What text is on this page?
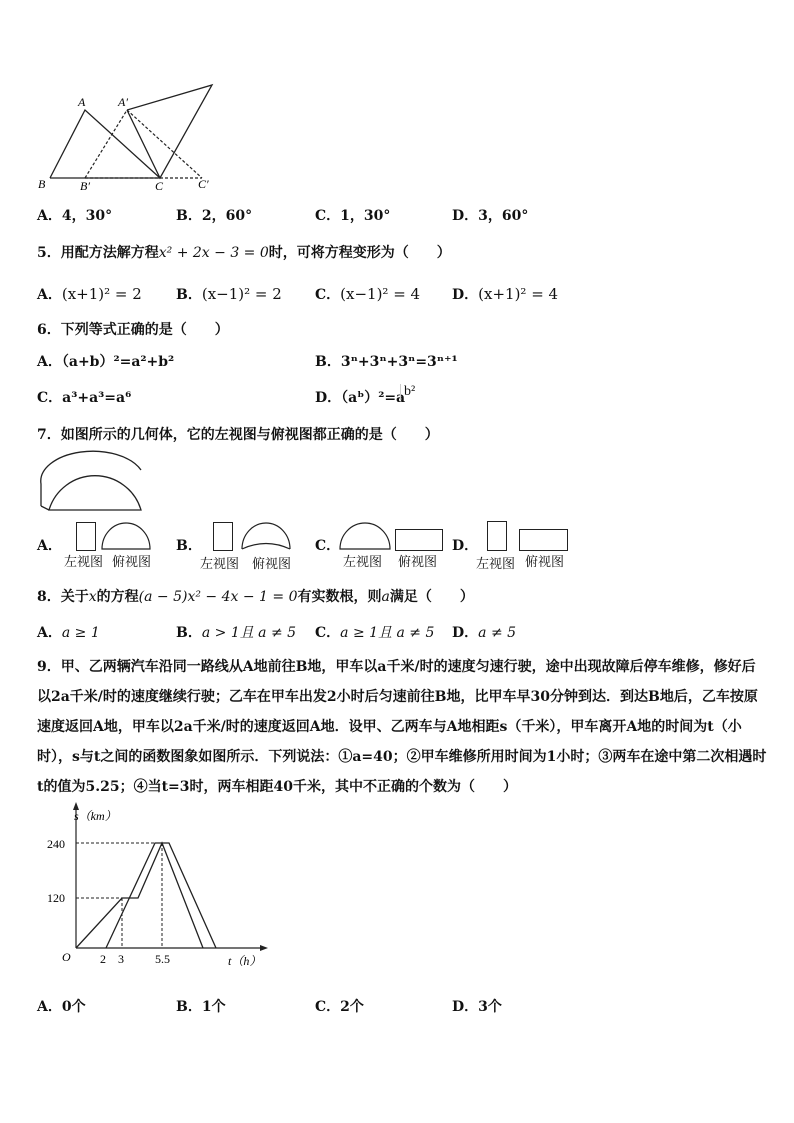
A	A′
B	B′	C	C′
A．4，30°	B．2，60°	C．1，30°	D．3，60°
5．用配方法解方程x² + 2x − 3 = 0时，可将方程变形为（　　）
A．(x+1)² = 2 B．(x−1)² = 2 C．(x−1)² = 4 D．(x+1)² = 4
6．下列等式正确的是（　　）
A．（a+b）²=a²+b²	B．3ⁿ+3ⁿ+3ⁿ=3ⁿ⁺¹
C．a³+a³=a⁶	D．（aᵇ）²=a
b²
7．如图所示的几何体，它的左视图与俯视图都正确的是（　　）
A．
左视图 俯视图
B．
左视图 俯视图
C．
左视图 俯视图
D．
左视图 俯视图
8．关于x的方程(a − 5)x² − 4x − 1 = 0有实数根，则a满足（　　）
A．a ≥ 1	B．a > 1且 a ≠ 5 C．a ≥ 1且 a ≠ 5 D．a ≠ 5
9．甲、乙两辆汽车沿同一路线从A地前往B地，甲车以a千米/时的速度匀速行驶，途中出现故障后停车维修，修好后以2a千米/时的速度继续行驶；乙车在甲车出发2小时后匀速前往B地，比甲车早30分钟到达．到达B地后，乙车按原速度返回A地，甲车以2a千米/时的速度返回A地．设甲、乙两车与A地相距s（千米），甲车离开A地的时间为t（小时），s与t之间的函数图象如图所示．下列说法：①a=40；②甲车维修所用时间为1小时；③两车在途中第二次相遇时t的值为5.25；④当t=3时，两车相距40千米，其中不正确的个数为（　　）
s（km）
t（h）
O
240
120
2 3	5.5
A．0个	B．1个	C．2个	D．3个
